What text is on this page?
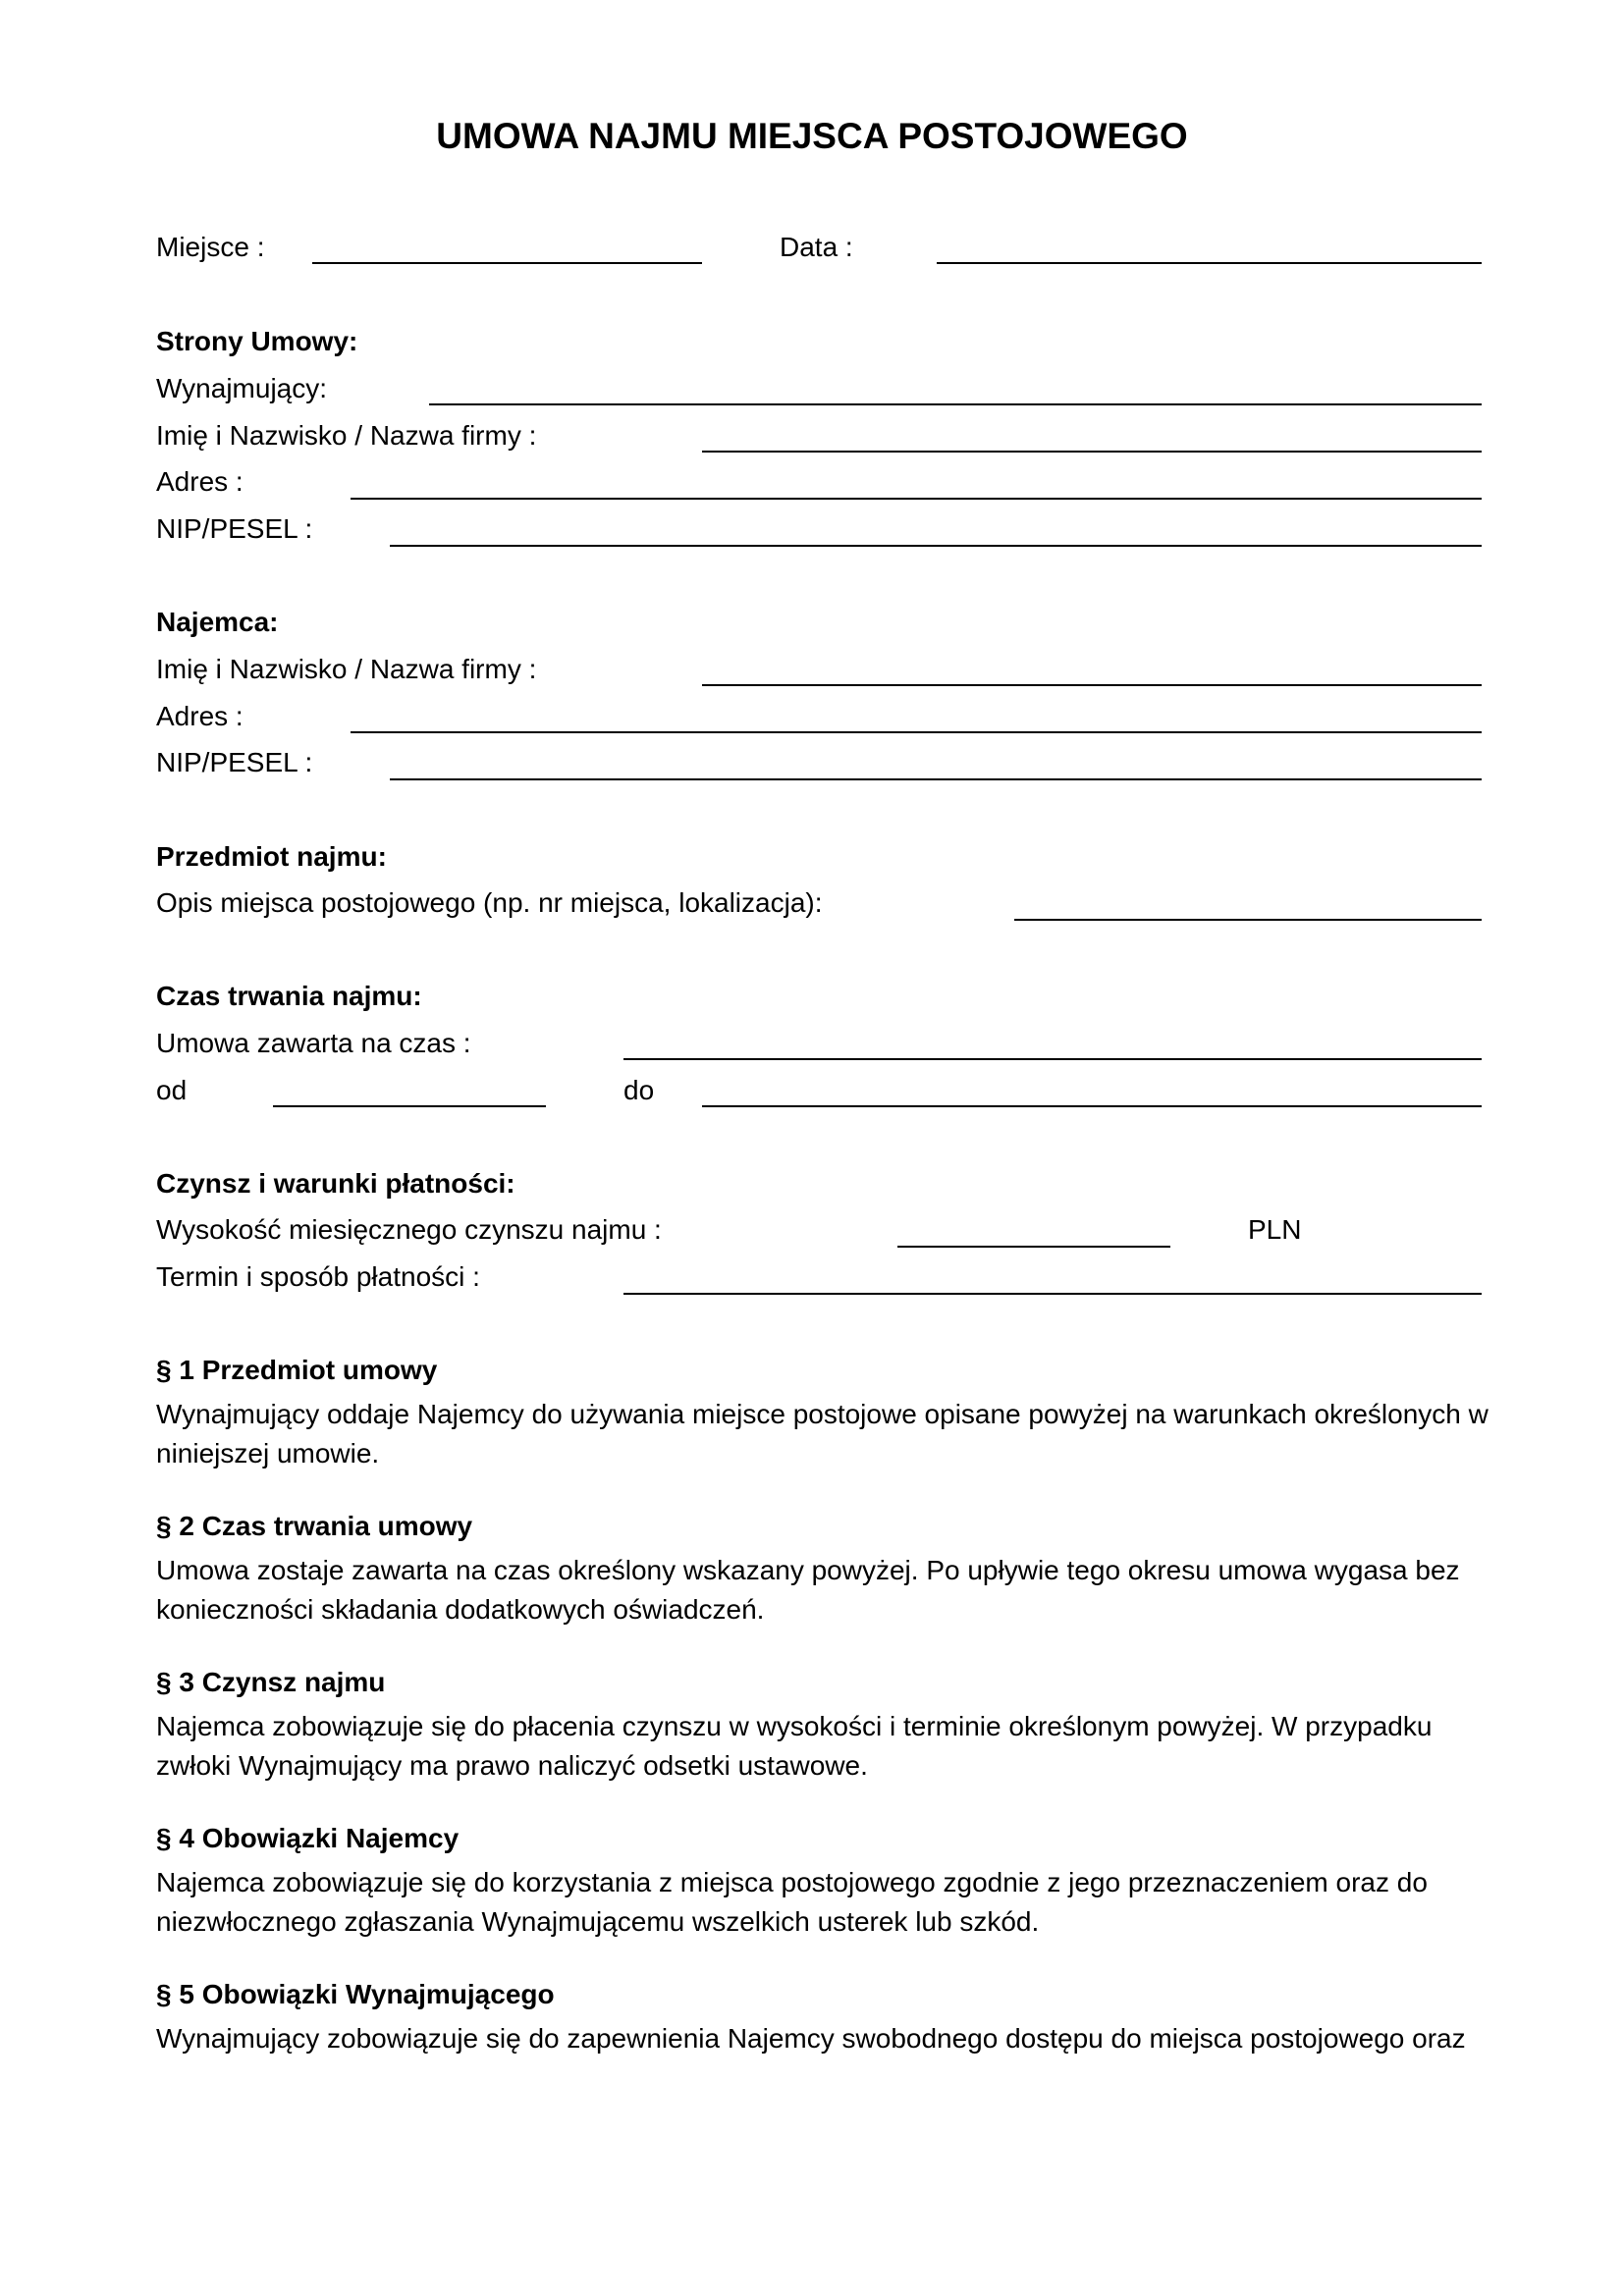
UMOWA NAJMU MIEJSCA POSTOJOWEGO
Miejsce :	Data :
Strony Umowy:
Wynajmujący:
Imię i Nazwisko / Nazwa firmy :
Adres :
NIP/PESEL :
Najemca:
Imię i Nazwisko / Nazwa firmy :
Adres :
NIP/PESEL :
Przedmiot najmu:
Opis miejsca postojowego (np. nr miejsca, lokalizacja):
Czas trwania najmu:
Umowa zawarta na czas :
od	do
Czynsz i warunki płatności:
Wysokość miesięcznego czynszu najmu :	PLN
Termin i sposób płatności :
§ 1 Przedmiot umowy
Wynajmujący oddaje Najemcy do używania miejsce postojowe opisane powyżej na warunkach określonych w niniejszej umowie.
§ 2 Czas trwania umowy
Umowa zostaje zawarta na czas określony wskazany powyżej. Po upływie tego okresu umowa wygasa bez konieczności składania dodatkowych oświadczeń.
§ 3 Czynsz najmu
Najemca zobowiązuje się do płacenia czynszu w wysokości i terminie określonym powyżej. W przypadku zwłoki Wynajmujący ma prawo naliczyć odsetki ustawowe.
§ 4 Obowiązki Najemcy
Najemca zobowiązuje się do korzystania z miejsca postojowego zgodnie z jego przeznaczeniem oraz do niezwłocznego zgłaszania Wynajmującemu wszelkich usterek lub szkód.
§ 5 Obowiązki Wynajmującego
Wynajmujący zobowiązuje się do zapewnienia Najemcy swobodnego dostępu do miejsca postojowego oraz
